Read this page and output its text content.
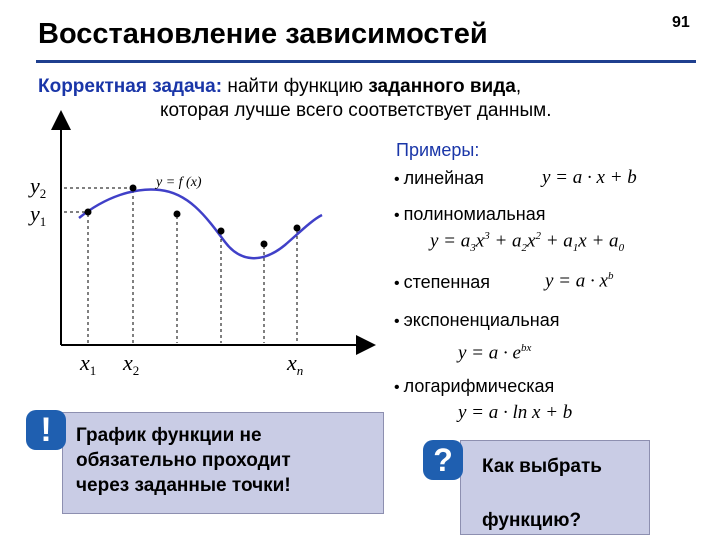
Восстановление зависимостей	91
Корректная задача: найти функцию заданного вида,
которая лучше всего соответствует данным.
y = f (x)
$y_2$
$y_1$
$x_1$ $x_2$	$x_n$
Примеры:
• линейная	y = a · x + b
• полиномиальная
$y = a_3x^3 + a_2x^2 + a_1x + a_0$
• степенная	$y = a \cdot x^b$
• экспоненциальная
$y = a \cdot e^{bx}$
• логарифмическая
y = a · ln x + b
!	График функции не
обязательно проходит
через заданные точки!
?	Как выбрать
функцию?
